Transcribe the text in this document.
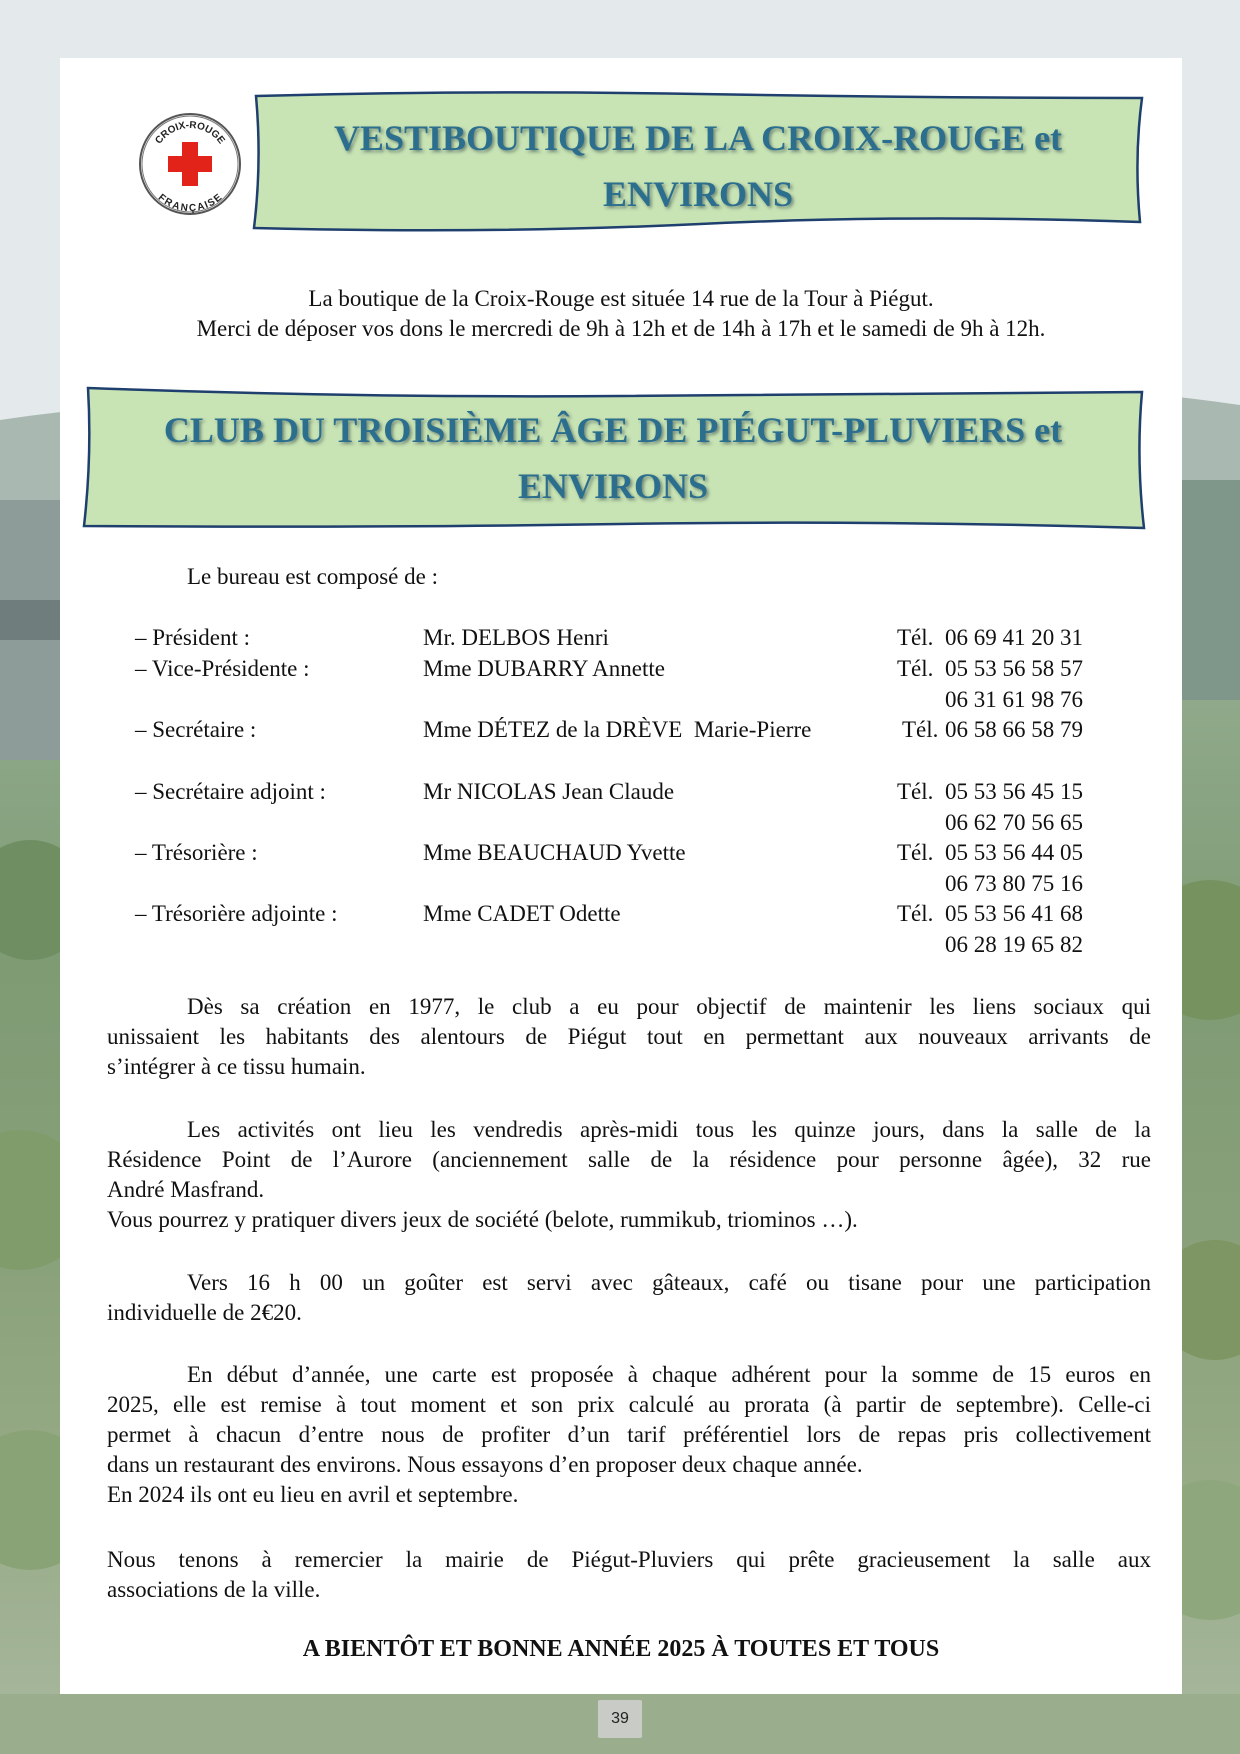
CROIX-ROUGE
FRANÇAISE
VESTIBOUTIQUE DE LA CROIX-ROUGE et
ENVIRONS
La boutique de la Croix-Rouge est située 14 rue de la Tour à Piégut.
Merci de déposer vos dons le mercredi de 9h à 12h et de 14h à 17h et le samedi de 9h à 12h.
CLUB DU TROISIÈME ÂGE DE PIÉGUT-PLUVIERS et
ENVIRONS
Le bureau est composé de :
– Président :	Mr. DELBOS Henri	Tél. 06 69 41 20 31
– Vice-Présidente :	Mme DUBARRY Annette	Tél. 05 53 56 58 57
06 31 61 98 76
– Secrétaire :	Mme DÉTEZ de la DRÈVE  Marie-Pierre	Tél. 06 58 66 58 79
– Secrétaire adjoint :	Mr NICOLAS Jean Claude	Tél. 05 53 56 45 15
06 62 70 56 65
– Trésorière :	Mme BEAUCHAUD Yvette	Tél. 05 53 56 44 05
06 73 80 75 16
– Trésorière adjointe :	Mme CADET Odette	Tél. 05 53 56 41 68
06 28 19 65 82
Dès sa création en 1977, le club a eu pour objectif de maintenir les liens sociaux qui
unissaient les habitants des alentours de Piégut tout en permettant aux nouveaux arrivants de
s’intégrer à ce tissu humain.
Les activités ont lieu les vendredis après-midi tous les quinze jours, dans la salle de la
Résidence Point de l’Aurore (anciennement salle de la résidence pour personne âgée), 32 rue
André Masfrand.
Vous pourrez y pratiquer divers jeux de société (belote, rummikub, triominos …).
Vers 16 h 00 un goûter est servi avec gâteaux, café ou tisane pour une participation
individuelle de 2€20.
En début d’année, une carte est proposée à chaque adhérent pour la somme de 15 euros en
2025, elle est remise à tout moment et son prix calculé au prorata (à partir de septembre). Celle-ci
permet à chacun d’entre nous de profiter d’un tarif préférentiel lors de repas pris collectivement
dans un restaurant des environs. Nous essayons d’en proposer deux chaque année.
En 2024 ils ont eu lieu en avril et septembre.
Nous tenons à remercier la mairie de Piégut-Pluviers qui prête gracieusement la salle aux
associations de la ville.
A BIENTÔT ET BONNE ANNÉE 2025 À TOUTES ET TOUS
39
